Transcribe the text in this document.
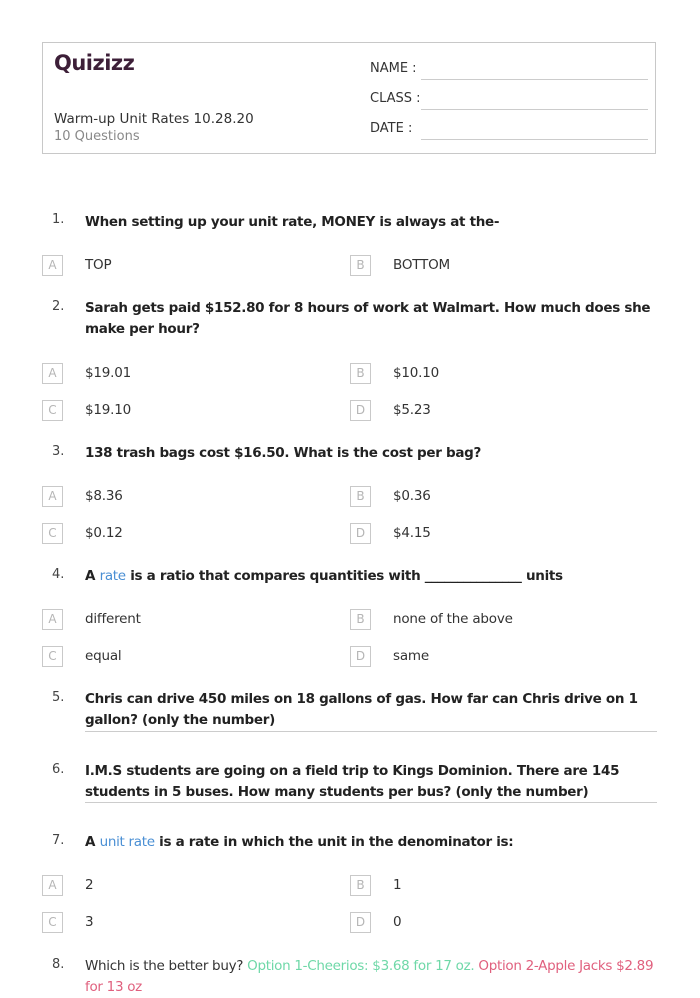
Quizizz
Warm-up Unit Rates 10.28.20
10 Questions
NAME :
CLASS :
DATE :
1. When setting up your unit rate, MONEY is always at the-
A	TOP	B	BOTTOM
2. Sarah gets paid $152.80 for 8 hours of work at Walmart. How much does she make per hour?
A	$19.01	B	$10.10
C	$19.10	D	$5.23
3. 138 trash bags cost $16.50. What is the cost per bag?
A	$8.36	B	$0.36
C	$0.12	D	$4.15
4. A rate is a ratio that compares quantities with _______________ units
A	different	B	none of the above
C	equal	D	same
5. Chris can drive 450 miles on 18 gallons of gas. How far can Chris drive on 1 gallon? (only the number)
6. I.M.S students are going on a field trip to Kings Dominion. There are 145 students in 5 buses. How many students per bus? (only the number)
7. A unit rate is a rate in which the unit in the denominator is:
A	2	B	1
C	3	D	0
8. Which is the better buy? Option 1-Cheerios: $3.68 for 17 oz. Option 2-Apple Jacks $2.89 for 13 oz
